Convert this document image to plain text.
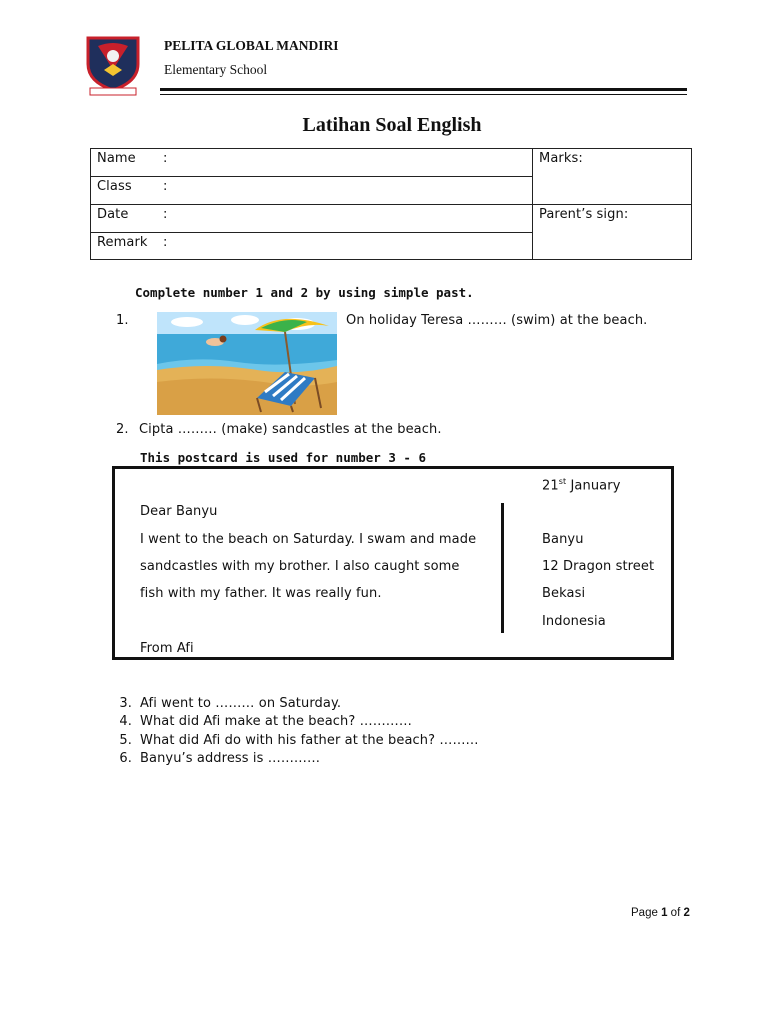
PELITA GLOBAL MANDIRI
Elementary School
Latihan Soal English
Name :
Class :
Date	:
Remark :
Marks:
Parent’s sign:
Complete number 1 and 2 by using simple past.
1.	On holiday Teresa ……… (swim) at the beach.
2. Cipta ……… (make) sandcastles at the beach.
This postcard is used for number 3 - 6
21st January
Dear Banyu
I went to the beach on Saturday. I swam and made
sandcastles with my brother. I also caught some
fish with my father. It was really fun.
From Afi
Banyu
12 Dragon street
Bekasi
Indonesia
3. Afi went to ……… on Saturday.
4. What did Afi make at the beach? …………
5. What did Afi do with his father at the beach? ………
6. Banyu’s address is …………
Page 1 of 2
